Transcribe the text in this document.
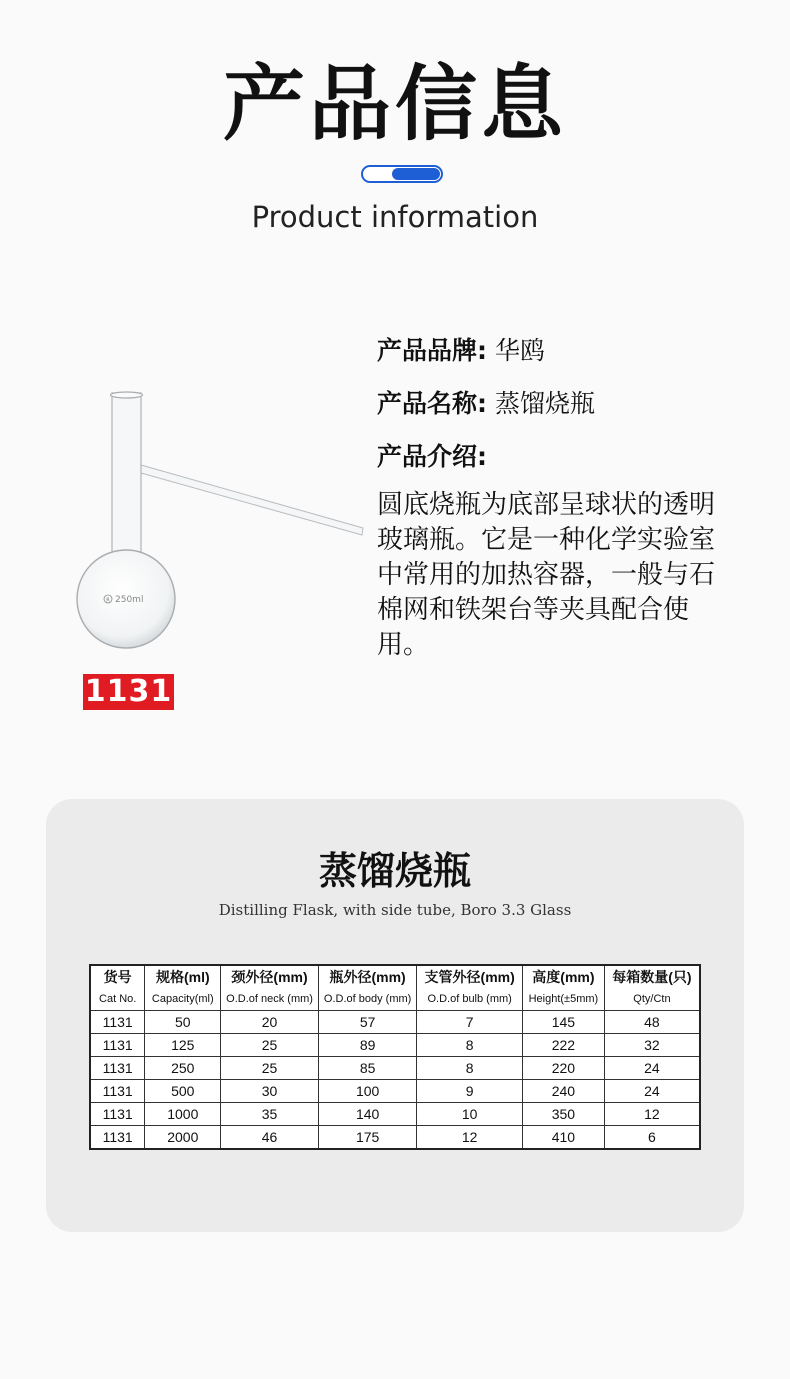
产品信息
Product information
R 250ml
1131
产品品牌: 华鸥
产品名称: 蒸馏烧瓶
产品介绍:
圆底烧瓶为底部呈球状的透明玻璃瓶。它是一种化学实验室中常用的加热容器，一般与石棉网和铁架台等夹具配合使用。
蒸馏烧瓶
Distilling Flask, with side tube, Boro 3.3 Glass
货号	规格(ml)	颈外径(mm)	瓶外径(mm)	支管外径(mm)	高度(mm)	每箱数量(只)
Cat No.	Capacity(ml)	O.D.of neck (mm)	O.D.of body (mm)	O.D.of bulb (mm)	Height(±5mm)	Qty/Ctn
1131	50	20	57	7	145	48
1131	125	25	89	8	222	32
1131	250	25	85	8	220	24
1131	500	30	100	9	240	24
1131	1000	35	140	10	350	12
1131	2000	46	175	12	410	6
